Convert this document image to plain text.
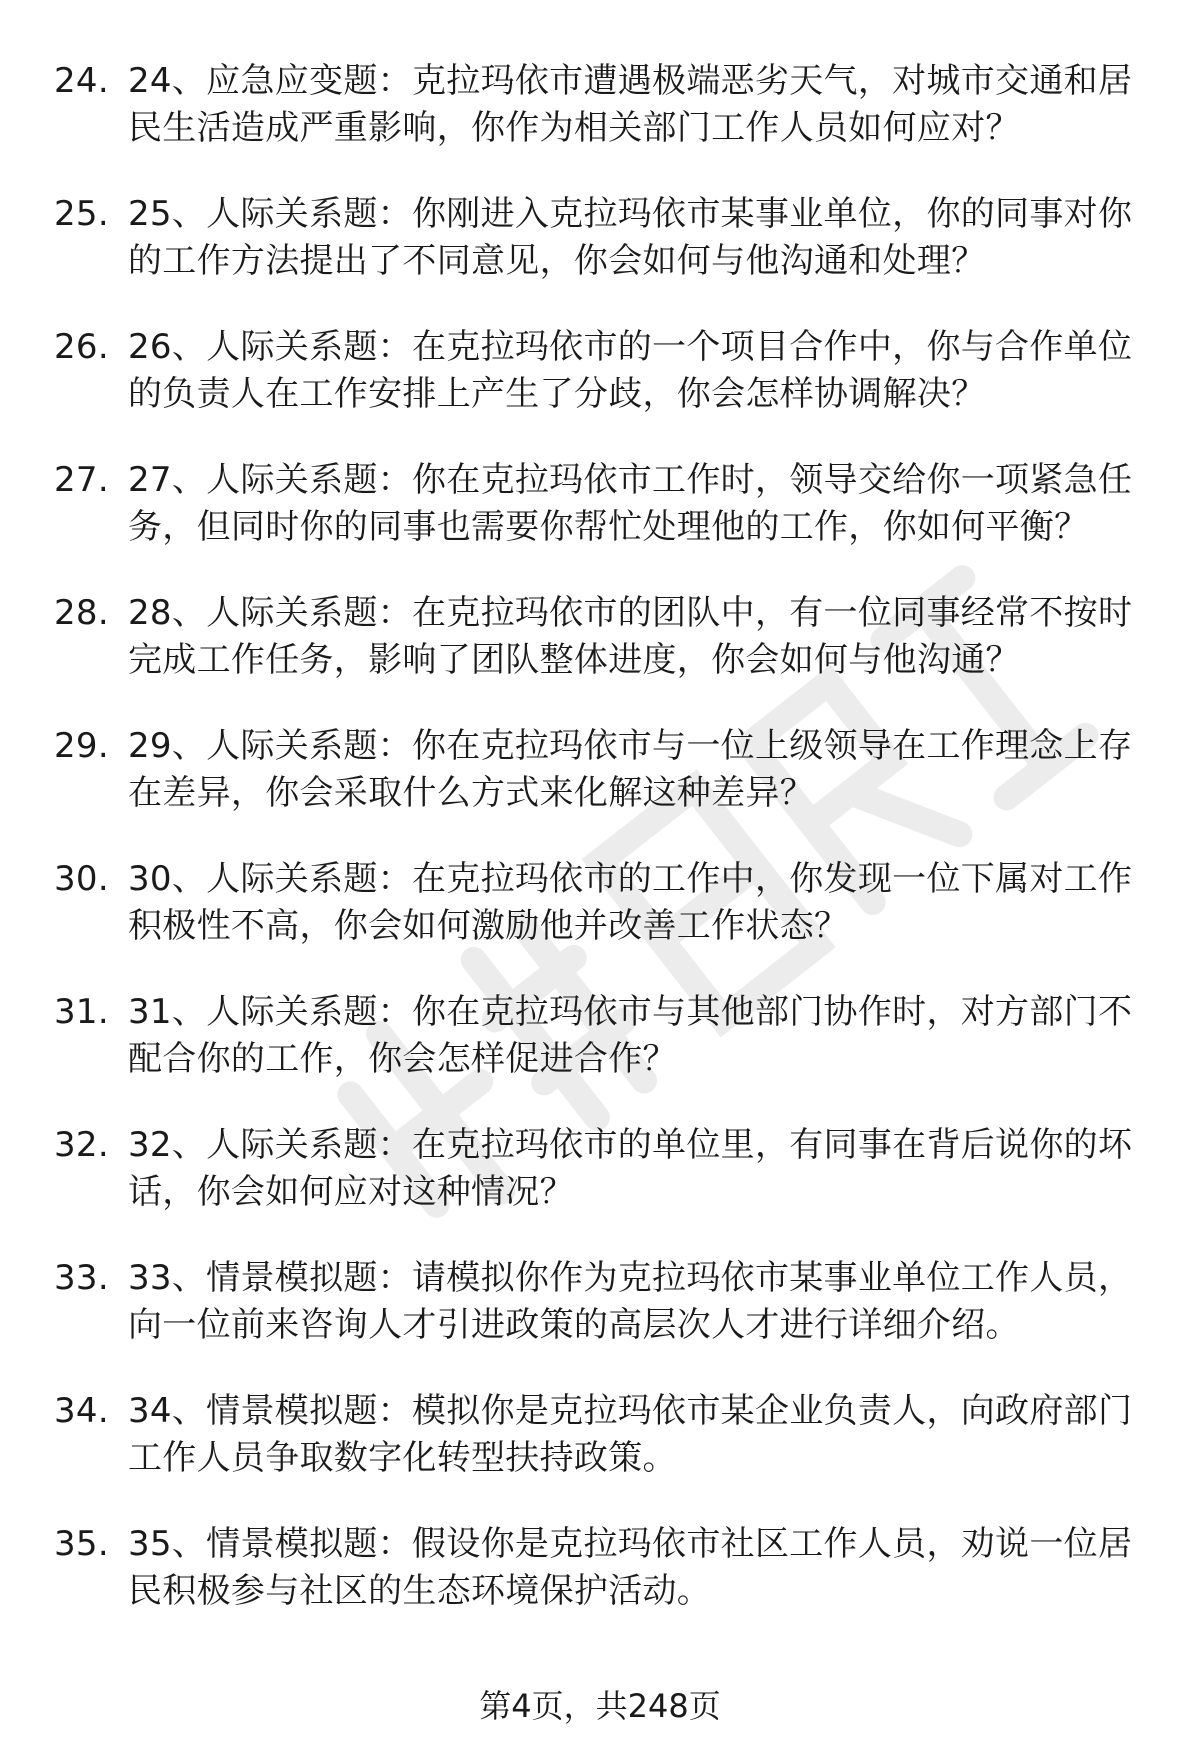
24. 24、应急应变题：克拉玛依市遭遇极端恶劣天气，对城市交通和居民生活造成严重影响，你作为相关部门工作人员如何应对？
25. 25、人际关系题：你刚进入克拉玛依市某事业单位，你的同事对你的工作方法提出了不同意见，你会如何与他沟通和处理？
26. 26、人际关系题：在克拉玛依市的一个项目合作中，你与合作单位的负责人在工作安排上产生了分歧，你会怎样协调解决？
27. 27、人际关系题：你在克拉玛依市工作时，领导交给你一项紧急任务，但同时你的同事也需要你帮忙处理他的工作，你如何平衡？
28. 28、人际关系题：在克拉玛依市的团队中，有一位同事经常不按时完成工作任务，影响了团队整体进度，你会如何与他沟通？
29. 29、人际关系题：你在克拉玛依市与一位上级领导在工作理念上存在差异，你会采取什么方式来化解这种差异？
30. 30、人际关系题：在克拉玛依市的工作中，你发现一位下属对工作积极性不高，你会如何激励他并改善工作状态？
31. 31、人际关系题：你在克拉玛依市与其他部门协作时，对方部门不配合你的工作，你会怎样促进合作？
32. 32、人际关系题：在克拉玛依市的单位里，有同事在背后说你的坏话，你会如何应对这种情况？
33. 33、情景模拟题：请模拟你作为克拉玛依市某事业单位工作人员，向一位前来咨询人才引进政策的高层次人才进行详细介绍。
34. 34、情景模拟题：模拟你是克拉玛依市某企业负责人，向政府部门工作人员争取数字化转型扶持政策。
35. 35、情景模拟题：假设你是克拉玛依市社区工作人员，劝说一位居民积极参与社区的生态环境保护活动。
第4页，共248页
